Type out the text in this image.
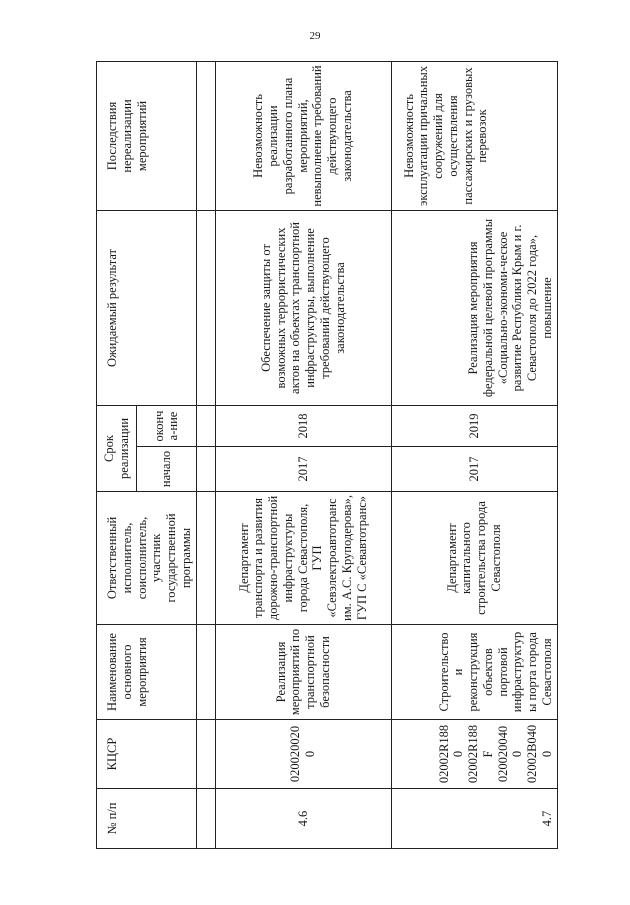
29
№ п/п	КЦСР	Наименование основного мероприятия	Ответственный исполнитель, соисполнитель, участник государственной программы	Срок реализации		Ожидаемый результат	Последствия нереализации мероприятий
				начало	оконча-ние		

4.6	0200200200	Реализация мероприятий по транспортной безопасности	Департамент транспорта и развития дорожно-транспортной инфраструктуры города Севастополя, ГУП «Севэлектроавтотранс им. А.С. Круподерова», ГУП С «Севавтотранс»	2017	2018	Обеспечение защиты от возможных террористических актов на объектах транспортной инфраструктуры, выполнение требований действующего законодательства	Невозможность реализации разработанного плана мероприятий, невыполнение требований действующего законодательства
4.7	02002R1880 02002R188F 0200200400 02002B0400	Строительство и реконструкция объектов портовой инфраструктуры порта города Севастополя	Департамент капитального строительства города Севастополя	2017	2019	Реализация мероприятия федеральной целевой программы «Социально-экономи-ческое развитие Республики Крым и г. Севастополя до 2022 года», повышение	Невозможность эксплуатации причальных сооружений для осуществления пассажирских и грузовых перевозок
